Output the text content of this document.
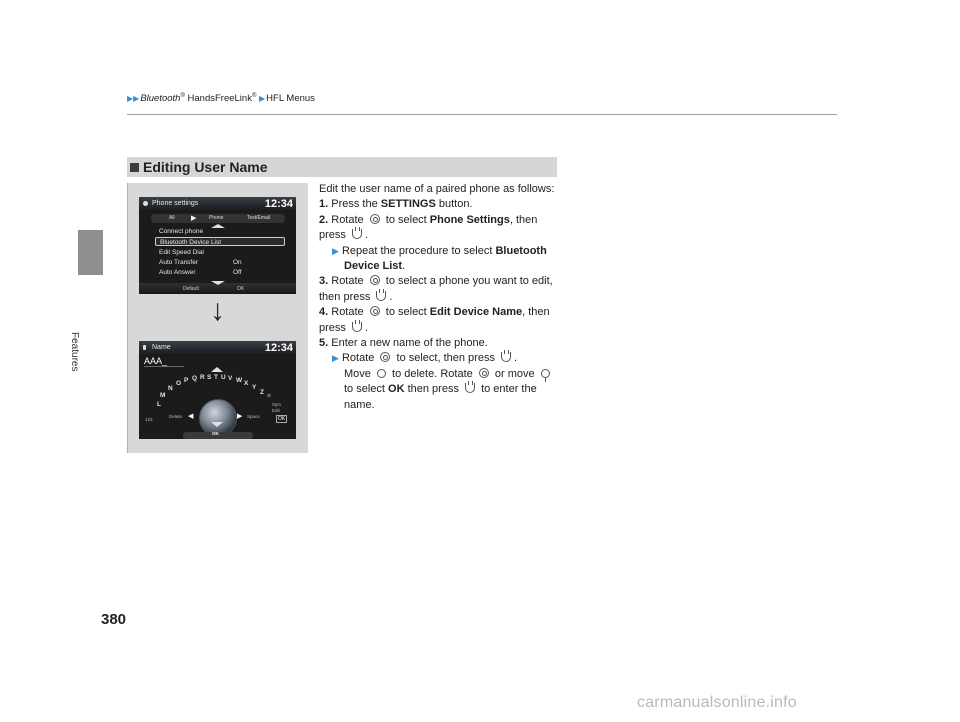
▶▶Bluetooth® HandsFreeLink® ▶HFL Menus
Features
Editing User Name
Phone settings	12:34
All ▶	Phone	Text/Email
Connect phone
Bluetooth Device List
Edit Speed Dial
Auto Transfer	On
Auto Answer	Off
Default	OK
↓
Name	12:34
AAA_
L
M
N
O P Q R S T U V W X
Y
Z ⚙
Delete ◀	▶ Space
123
Sym
Edit
OK
OK

Edit the user name of a paired phone as follows:

1. Press the SETTINGS button.

2. Rotate  to select Phone Settings, then press .

▶ Repeat the procedure to select Bluetooth Device List.

3. Rotate  to select a phone you want to edit, then press .

4. Rotate  to select Edit Device Name, then press .

5. Enter a new name of the phone.

▶ Rotate  to select, then press .
Move  to delete. Rotate  or move
to select OK then press  to enter the name.

380
carmanualsonline.info
